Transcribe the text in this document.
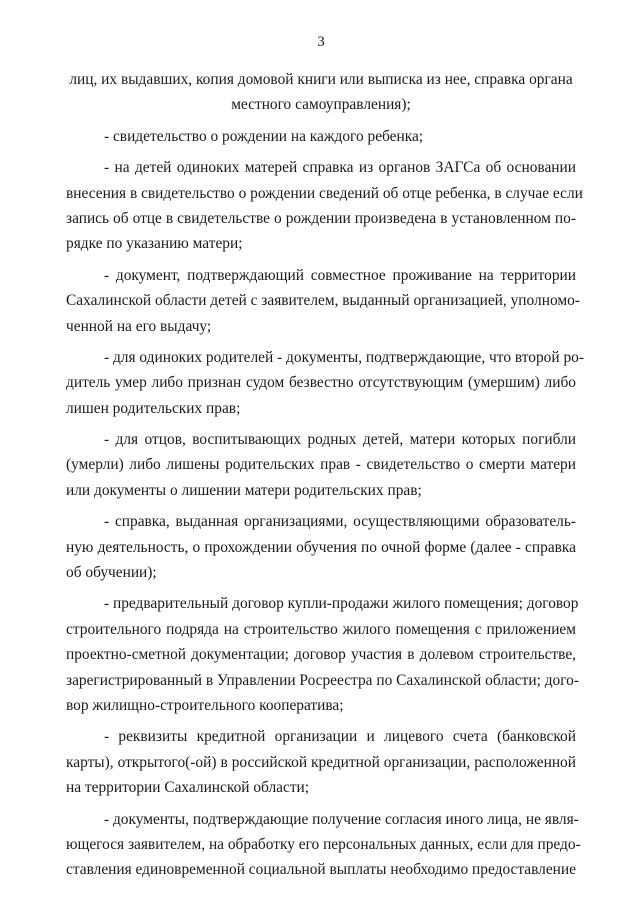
3
лиц, их выдавших, копия домовой книги или выписка из нее, справка органа
местного самоуправления);
- свидетельство о рождении на каждого ребенка;
- на детей одиноких матерей справка из органов ЗАГСа об основании
внесения в свидетельство о рождении сведений об отце ребенка, в случае если
запись об отце в свидетельстве о рождении произведена в установленном по-
рядке по указанию матери;
- документ, подтверждающий совместное проживание на территории
Сахалинской области детей с заявителем, выданный организацией, уполномо-
ченной на его выдачу;
- для одиноких родителей - документы, подтверждающие, что второй ро-
дитель умер либо признан судом безвестно отсутствующим (умершим) либо
лишен родительских прав;
- для отцов, воспитывающих родных детей, матери которых погибли
(умерли) либо лишены родительских прав - свидетельство о смерти матери
или документы о лишении матери родительских прав;
- справка, выданная организациями, осуществляющими образователь-
ную деятельность, о прохождении обучения по очной форме (далее - справка
об обучении);
- предварительный договор купли-продажи жилого помещения; договор
строительного подряда на строительство жилого помещения с приложением
проектно-сметной документации; договор участия в долевом строительстве,
зарегистрированный в Управлении Росреестра по Сахалинской области; дого-
вор жилищно-строительного кооператива;
- реквизиты кредитной организации и лицевого счета (банковской
карты), открытого(-ой) в российской кредитной организации, расположенной
на территории Сахалинской области;
- документы, подтверждающие получение согласия иного лица, не явля-
ющегося заявителем, на обработку его персональных данных, если для предо-
ставления единовременной социальной выплаты необходимо предоставление
